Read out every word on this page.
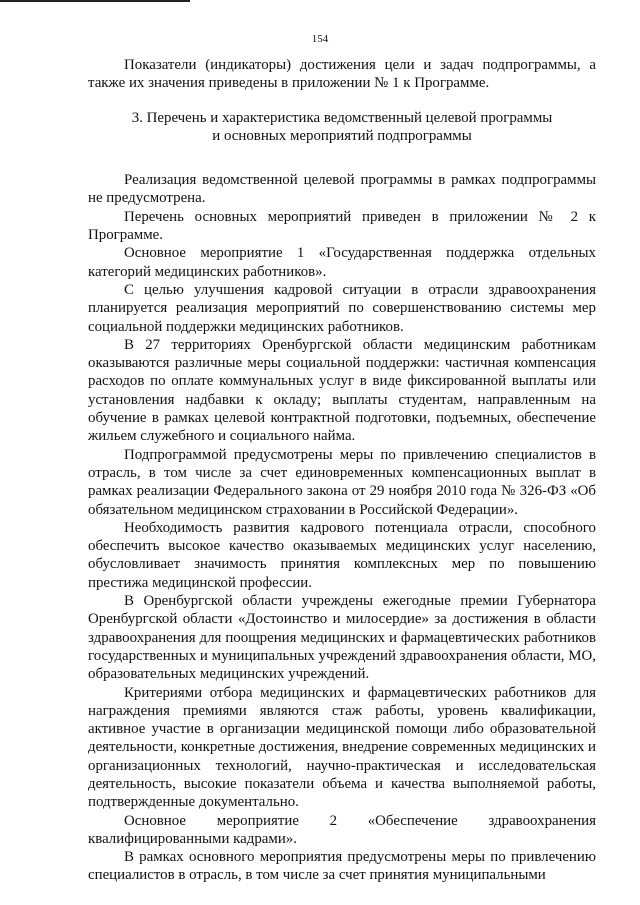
154

Показатели (индикаторы) достижения цели и задач подпрограммы, а также их значения приведены в приложении № 1 к Программе.

3. Перечень и характеристика ведомственный целевой программы
и основных мероприятий подпрограммы

Реализация ведомственной целевой программы в рамках подпрограммы не предусмотрена.

Перечень основных мероприятий приведен в приложении № 2 к Программе.

Основное мероприятие 1 «Государственная поддержка отдельных категорий медицинских работников».

С целью улучшения кадровой ситуации в отрасли здравоохранения планируется реализация мероприятий по совершенствованию системы мер социальной поддержки медицинских работников.

В 27 территориях Оренбургской области медицинским работникам оказываются различные меры социальной поддержки: частичная компенсация расходов по оплате коммунальных услуг в виде фиксированной выплаты или установления надбавки к окладу; выплаты студентам, направленным на обучение в рамках целевой контрактной подготовки, подъемных, обеспечение жильем служебного и социального найма.

Подпрограммой предусмотрены меры по привлечению специалистов в отрасль, в том числе за счет единовременных компенсационных выплат в рамках реализации Федерального закона от 29 ноября 2010 года № 326-ФЗ «Об обязательном медицинском страховании в Российской Федерации».

Необходимость развития кадрового потенциала отрасли, способного обеспечить высокое качество оказываемых медицинских услуг населению, обусловливает значимость принятия комплексных мер по повышению престижа медицинской профессии.

В Оренбургской области учреждены ежегодные премии Губернатора Оренбургской области «Достоинство и милосердие» за достижения в области здравоохранения для поощрения медицинских и фармацевтических работников государственных и муниципальных учреждений здравоохранения области, МО, образовательных медицинских учреждений.

Критериями отбора медицинских и фармацевтических работников для награждения премиями являются стаж работы, уровень квалификации, активное участие в организации медицинской помощи либо образовательной деятельности, конкретные достижения, внедрение современных медицинских и организационных технологий, научно-практическая и исследовательская деятельность, высокие показатели объема и качества выполняемой работы, подтвержденные документально.

Основное мероприятие 2 «Обеспечение здравоохранения квалифицированными кадрами».

В рамках основного мероприятия предусмотрены меры по привлечению специалистов в отрасль, в том числе за счет принятия муниципальными
